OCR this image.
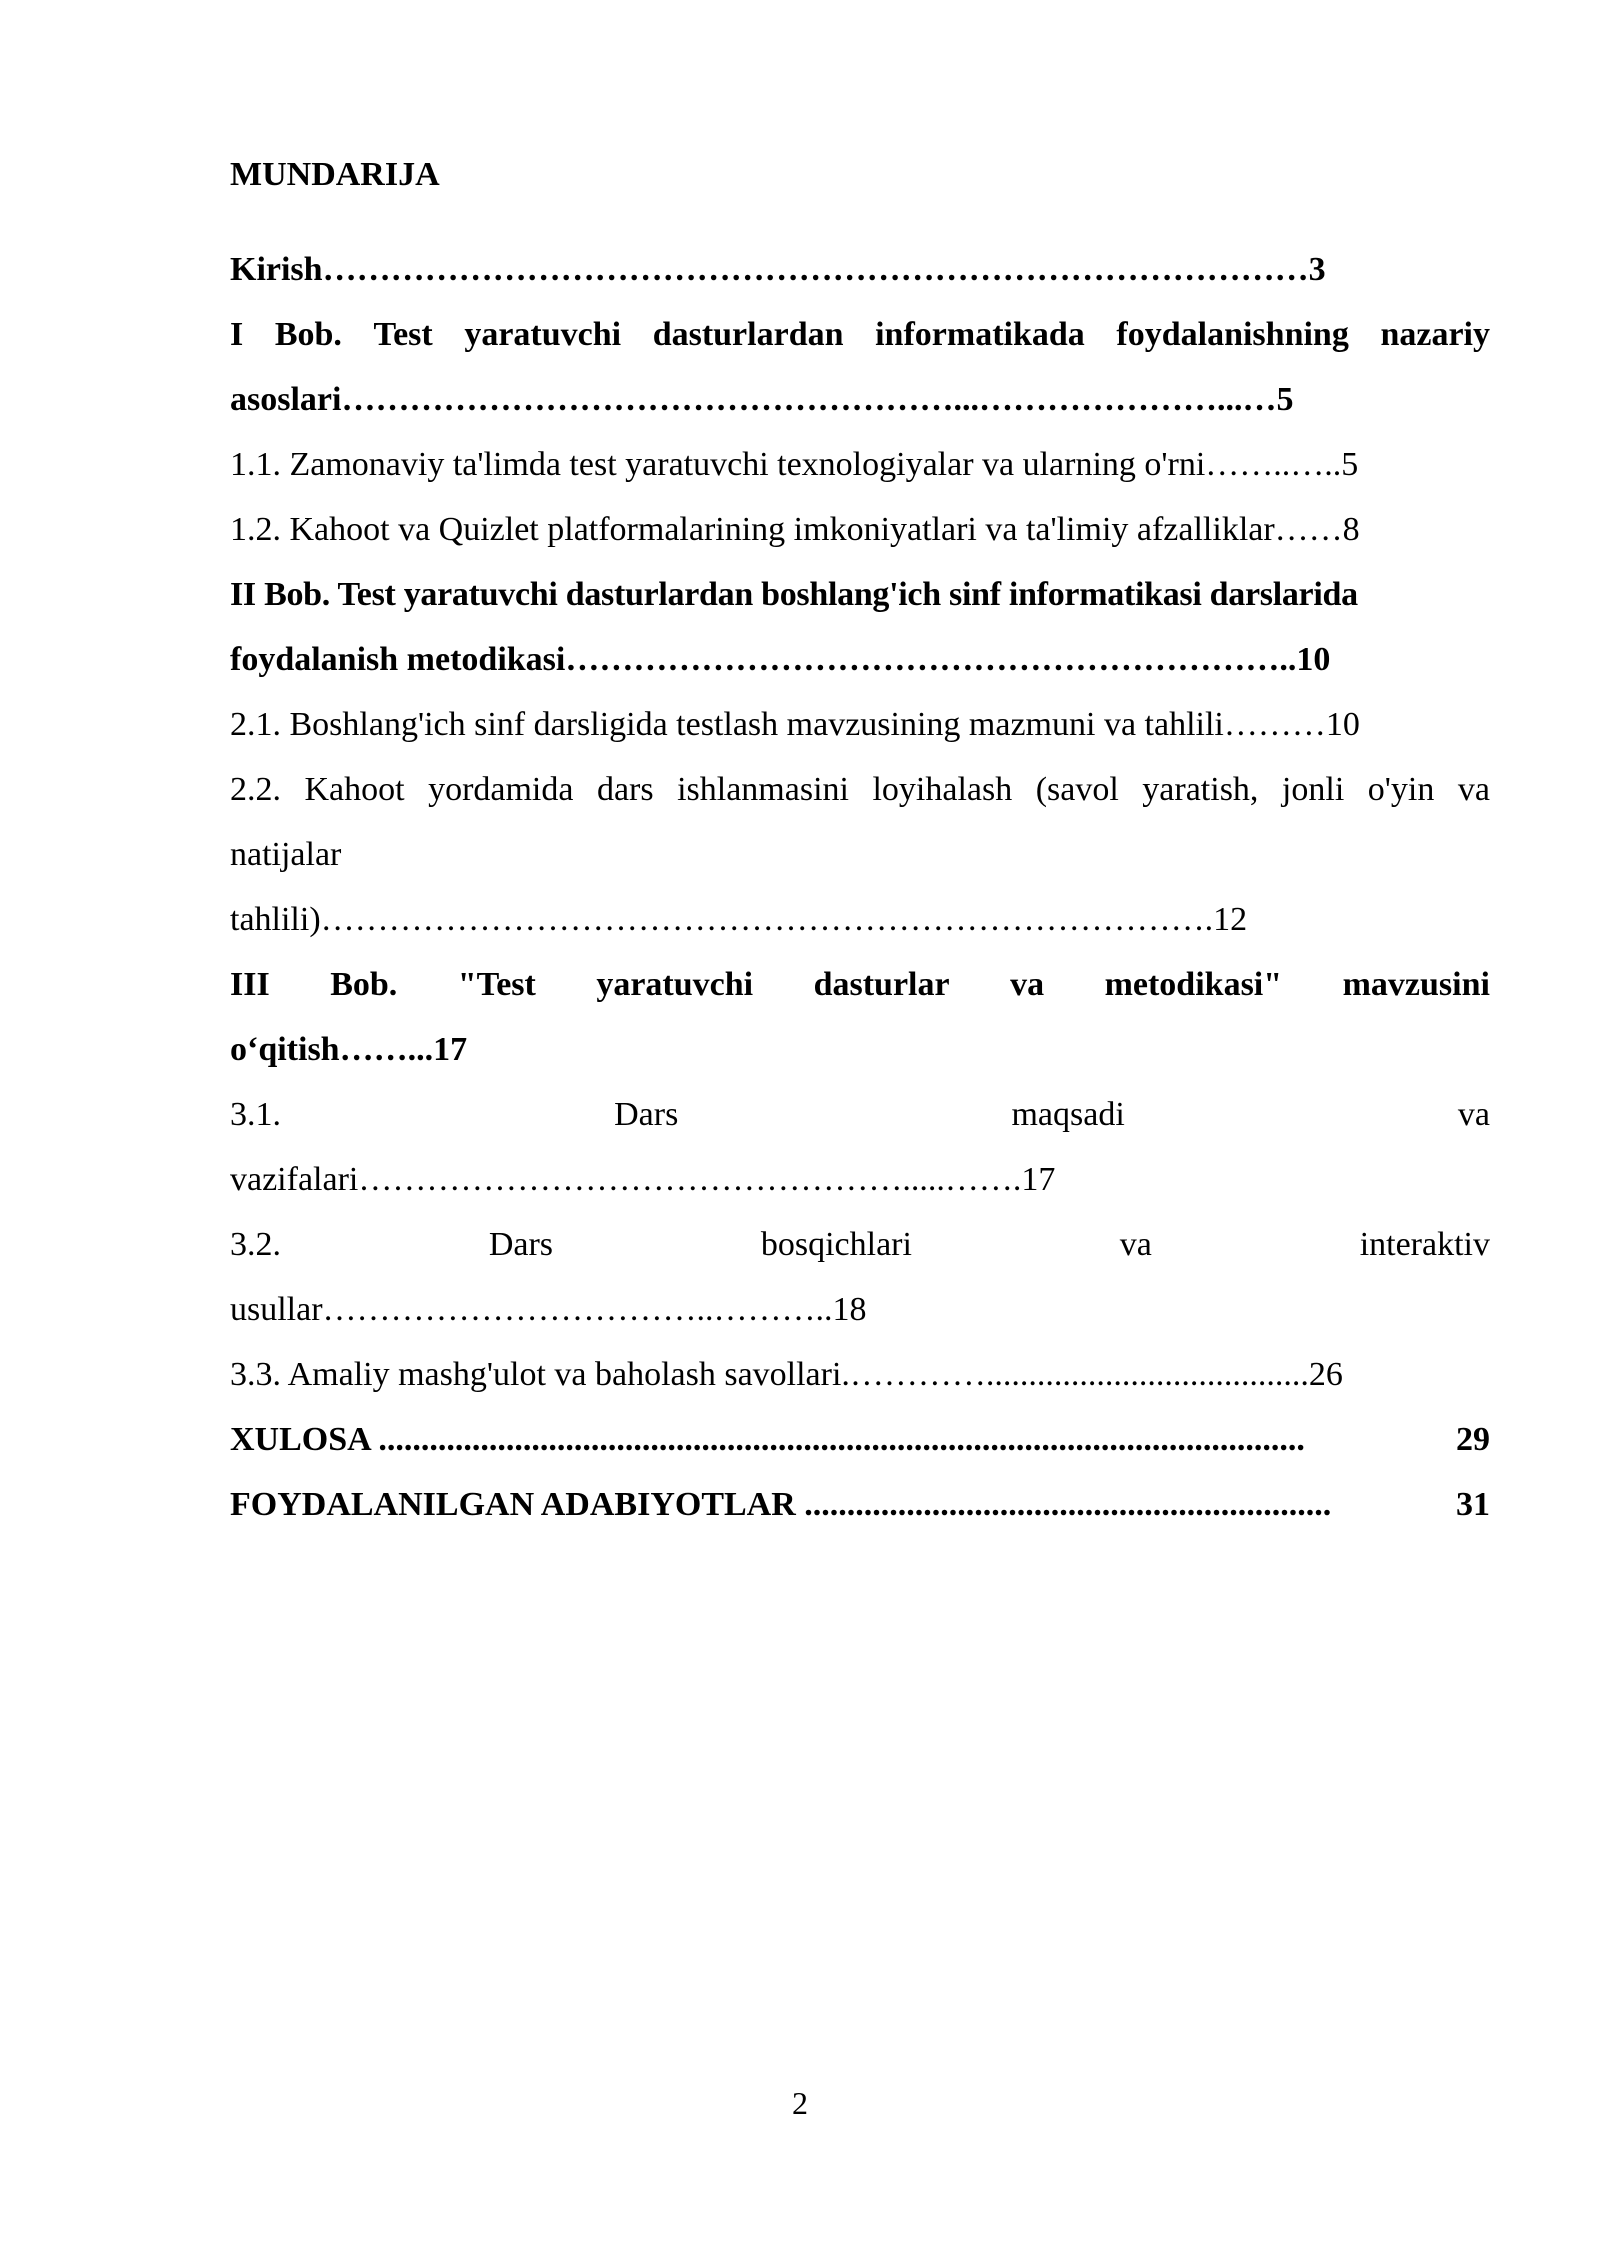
MUNDARIJA
Kirish……………………………………………………………………………3
I Bob. Test yaratuvchi dasturlardan informatikada foydalanishning nazariy
asoslari………………………………………………...…………………...…5
1.1. Zamonaviy ta'limda test yaratuvchi texnologiyalar va ularning o'rni……..…..5
1.2. Kahoot va Quizlet platformalarining imkoniyatlari va ta'limiy afzalliklar……8
II Bob. Test yaratuvchi dasturlardan boshlang'ich sinf informatikasi darslarida
foydalanish metodikasi………………………………………………………..10
2.1. Boshlang'ich sinf darsligida testlash mavzusining mazmuni va tahlili………10
2.2. Kahoot yordamida dars ishlanmasini loyihalash (savol yaratish, jonli o'yin va
natijalar
tahlili)…………………………………………………………………….12
III Bob. "Test yaratuvchi dasturlar va metodikasi" mavzusini
o‘qitish……...17
3.1.	Dars	maqsadi	va
vazifalari………………………………………….....…….17
3.2.	Dars	bosqichlari	va	interaktiv
usullar……………………………..………..18
3.3. Amaliy mashg'ulot va baholash savollari.…………......................................26
XULOSA .............................................................................................................	29
FOYDALANILGAN ADABIYOTLAR ..............................................................	31
2
